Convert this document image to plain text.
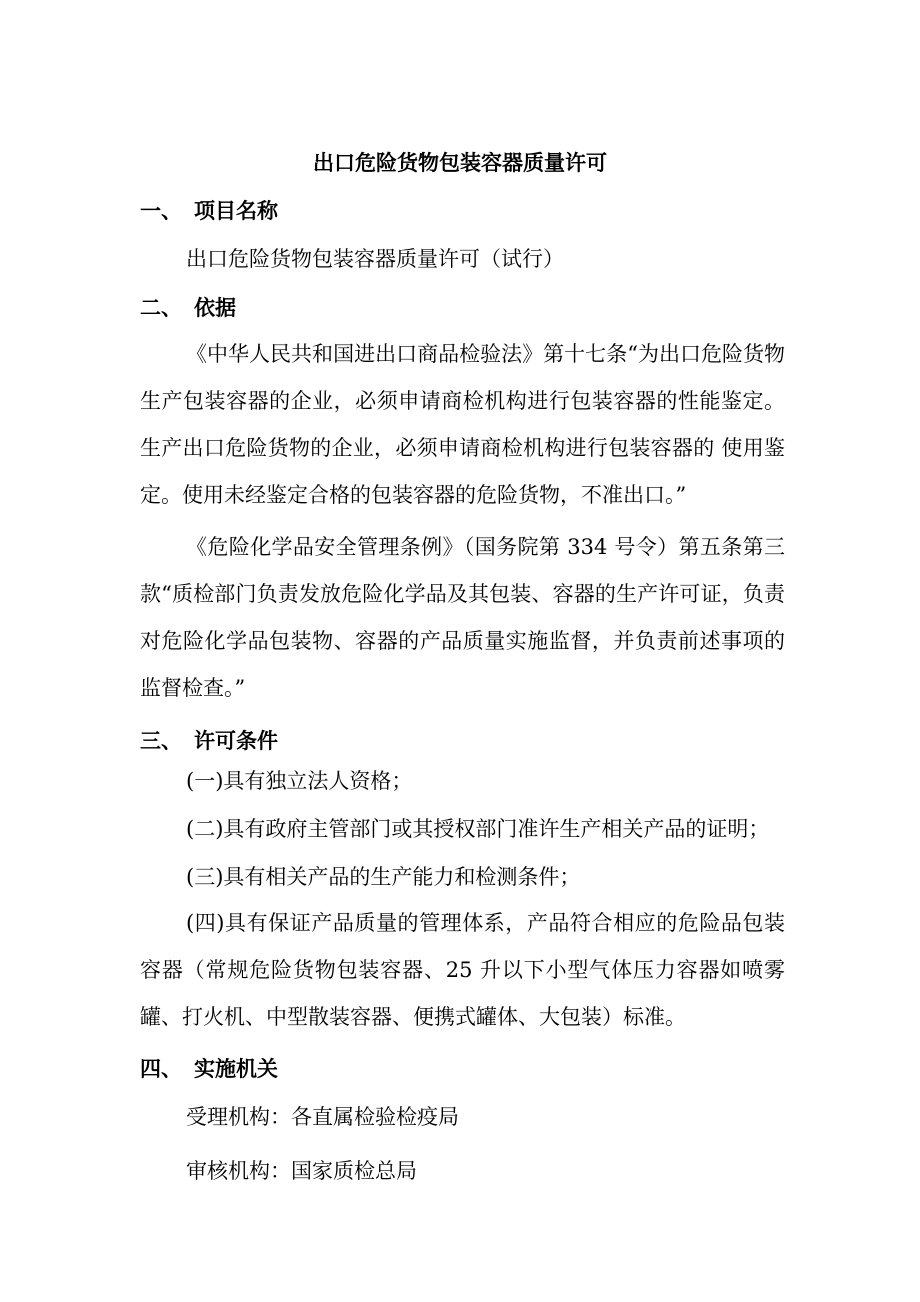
出口危险货物包装容器质量许可
一、 项目名称
出口危险货物包装容器质量许可（试行）
二、 依据
《中华人民共和国进出口商品检验法》第十七条“为出口危险货物生产包装容器的企业，必须申请商检机构进行包装容器的性能鉴定。生产出口危险货物的企业，必须申请商检机构进行包装容器的 使用鉴定。使用未经鉴定合格的包装容器的危险货物，不准出口。”
《危险化学品安全管理条例》（国务院第 334 号令）第五条第三款“质检部门负责发放危险化学品及其包装、容器的生产许可证，负责对危险化学品包装物、容器的产品质量实施监督，并负责前述事项的监督检查。”
三、 许可条件
(一)具有独立法人资格；
(二)具有政府主管部门或其授权部门准许生产相关产品的证明；
(三)具有相关产品的生产能力和检测条件；
(四)具有保证产品质量的管理体系，产品符合相应的危险品包装容器（常规危险货物包装容器、25 升以下小型气体压力容器如喷雾罐、打火机、中型散装容器、便携式罐体、大包装）标准。
四、 实施机关
受理机构：各直属检验检疫局
审核机构：国家质检总局
